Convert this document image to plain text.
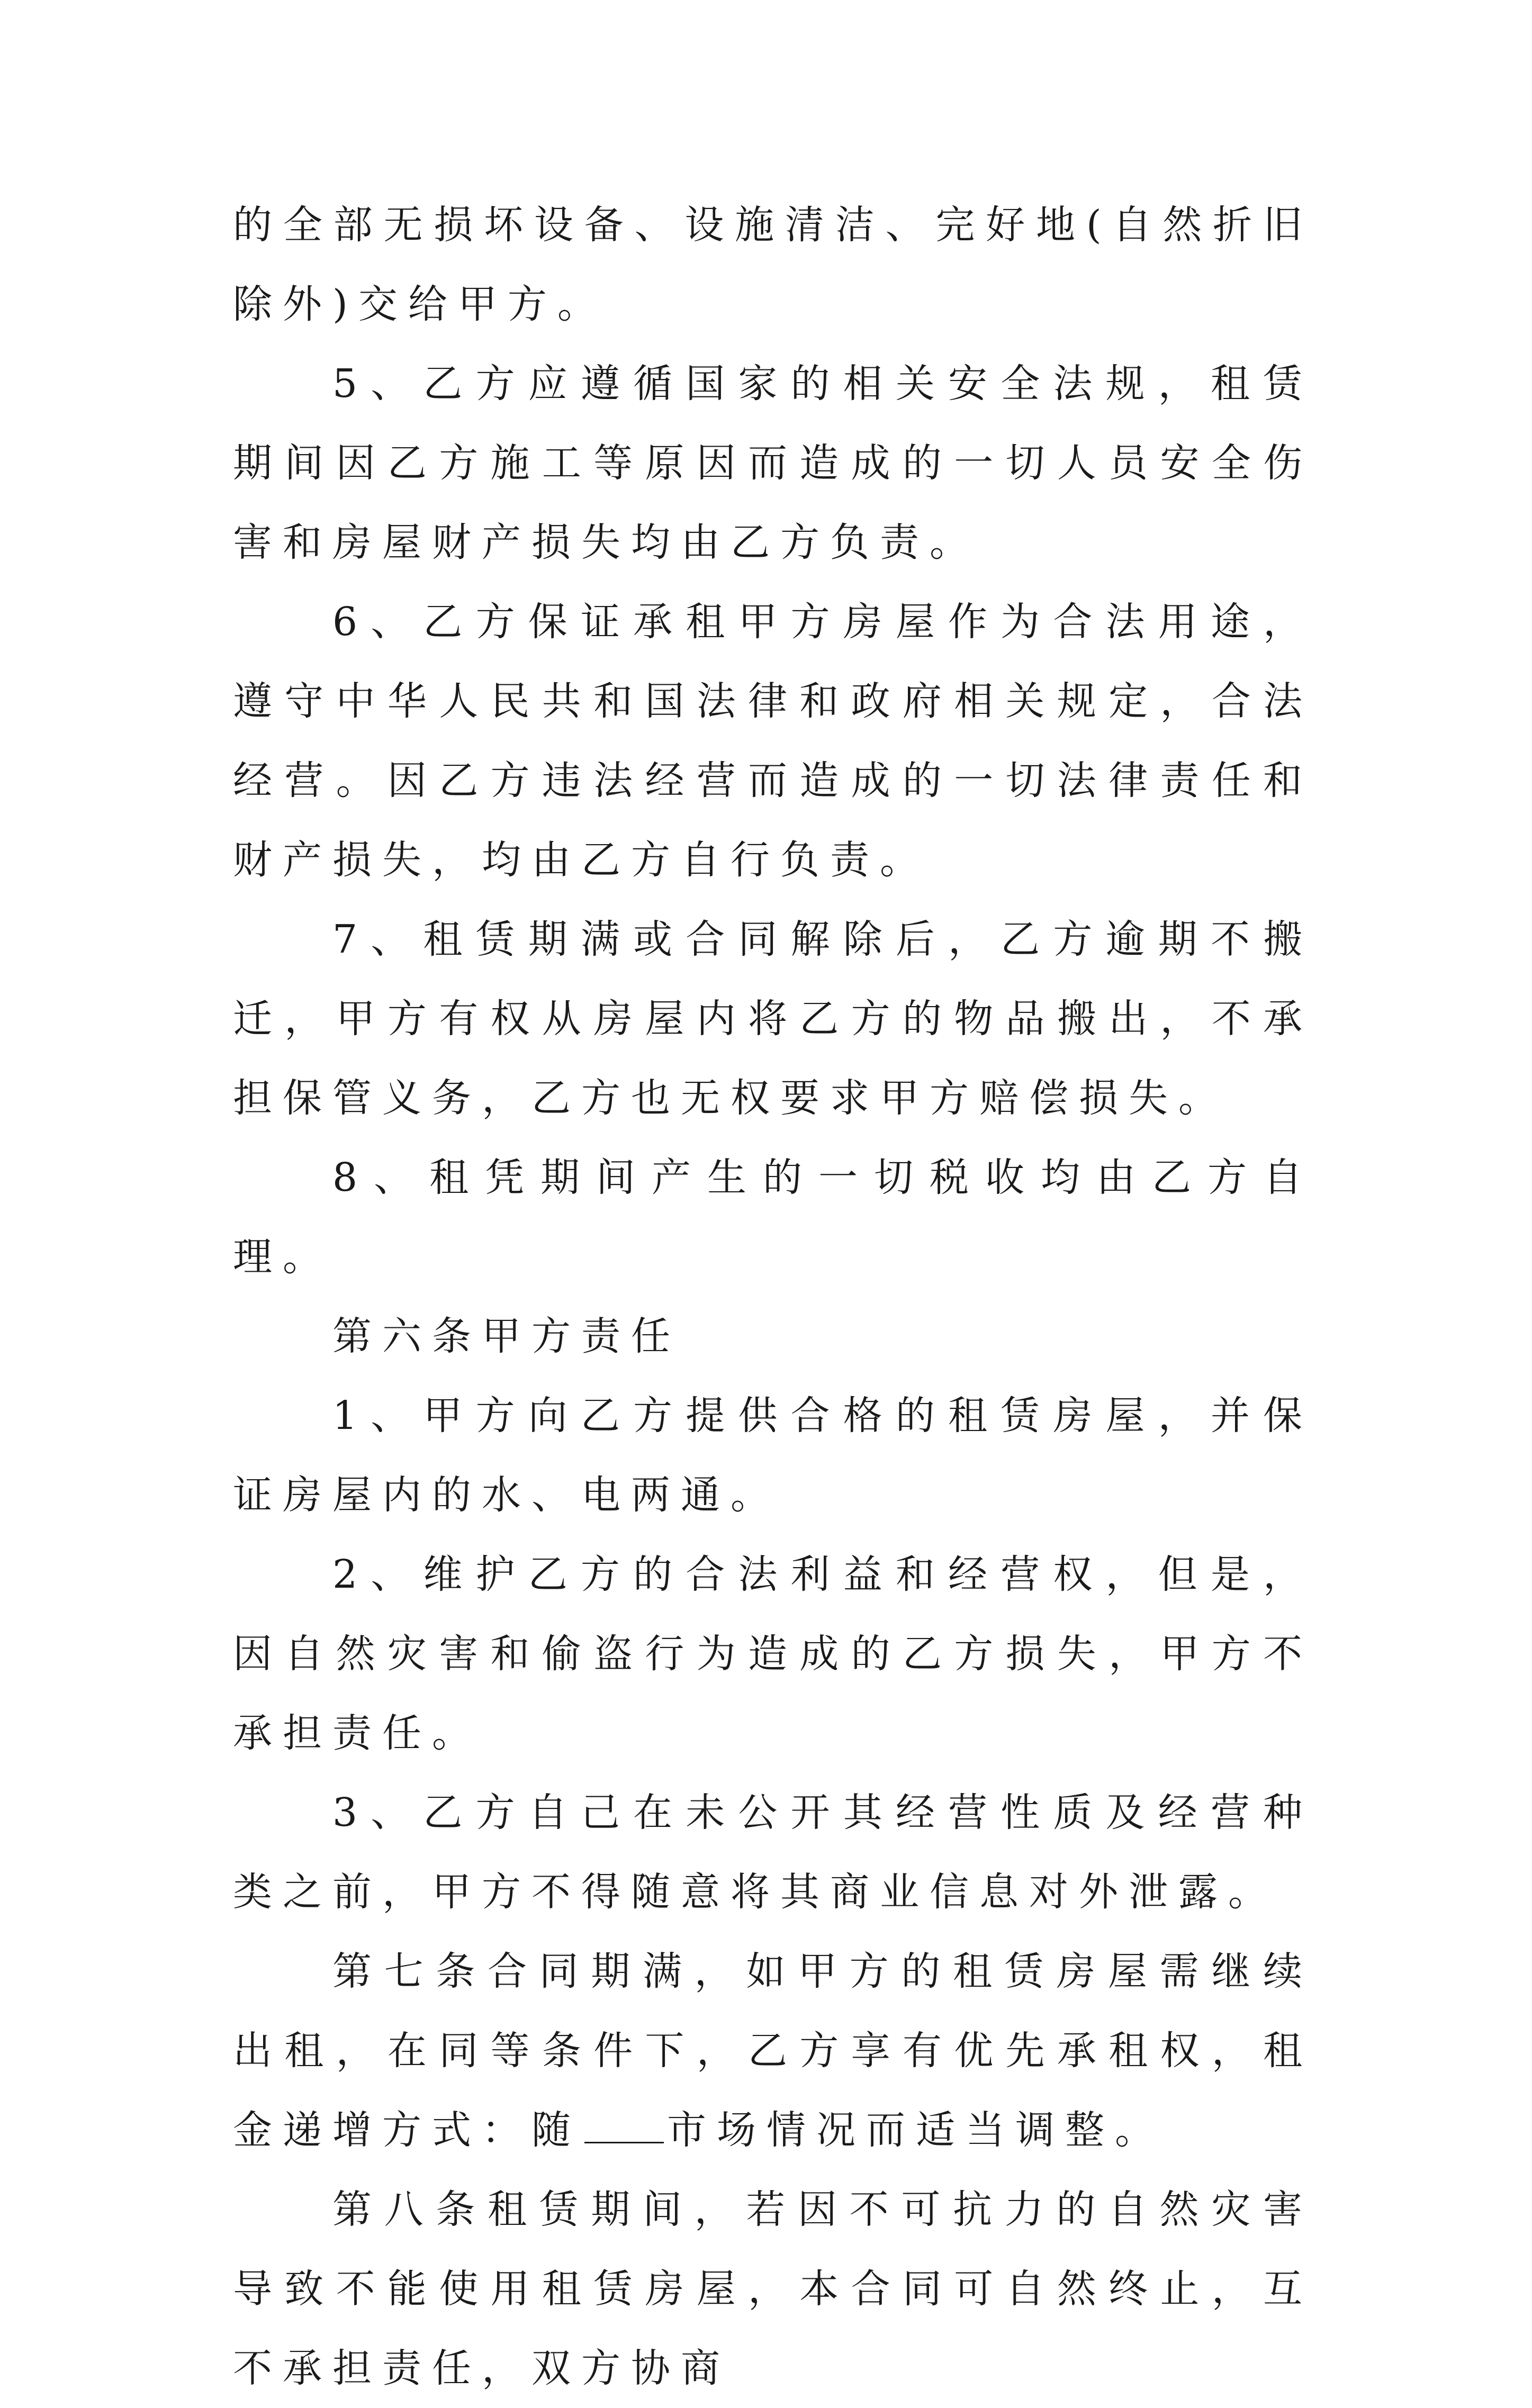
的全部无损坏设备、设施清洁、完好地(自然折旧除外)交给甲方。

5、乙方应遵循国家的相关安全法规，租赁期间因乙方施工等原因而造成的一切人员安全伤害和房屋财产损失均由乙方负责。

6、乙方保证承租甲方房屋作为合法用途，遵守中华人民共和国法律和政府相关规定，合法经营。因乙方违法经营而造成的一切法律责任和财产损失，均由乙方自行负责。

7、租赁期满或合同解除后，乙方逾期不搬迁，甲方有权从房屋内将乙方的物品搬出，不承担保管义务，乙方也无权要求甲方赔偿损失。

8、租凭期间产生的一切税收均由乙方自理。

第六条甲方责任

1、甲方向乙方提供合格的租赁房屋，并保证房屋内的水、电两通。

2、维护乙方的合法利益和经营权，但是，因自然灾害和偷盗行为造成的乙方损失，甲方不承担责任。

3、乙方自己在未公开其经营性质及经营种类之前，甲方不得随意将其商业信息对外泄露。

第七条合同期满，如甲方的租赁房屋需继续出租，在同等条件下，乙方享有优先承租权，租金递增方式：随 市场情况而适当调整。

第八条租赁期间，若因不可抗力的自然灾害导致不能使用租赁房屋，本合同可自然终止，互不承担责任，双方协商
